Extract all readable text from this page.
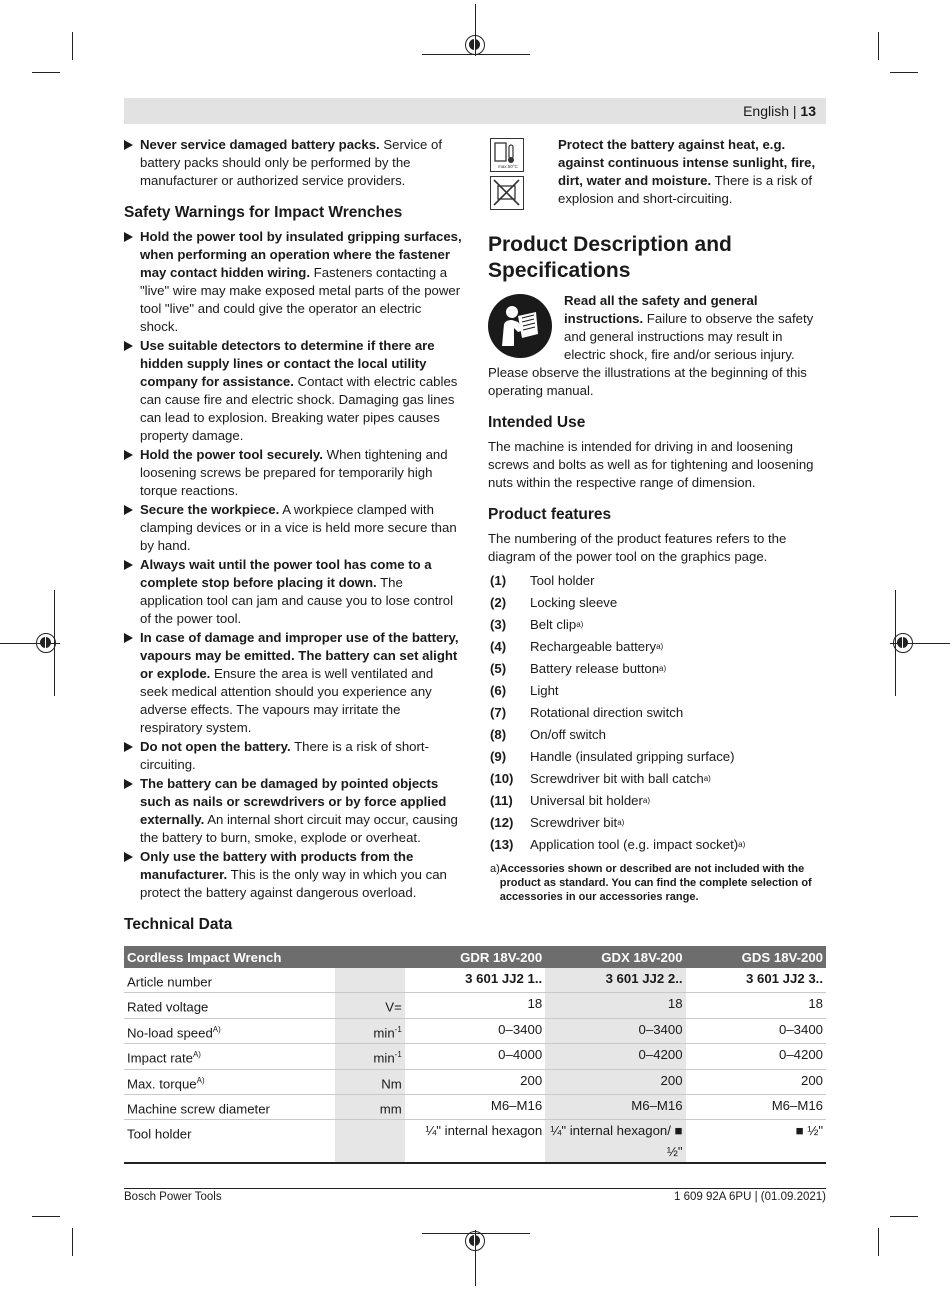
English | 13
Never service damaged battery packs. Service of battery packs should only be performed by the manufacturer or authorized service providers.
Safety Warnings for Impact Wrenches
Hold the power tool by insulated gripping surfaces, when performing an operation where the fastener may contact hidden wiring. Fasteners contacting a "live" wire may make exposed metal parts of the power tool "live" and could give the operator an electric shock.
Use suitable detectors to determine if there are hidden supply lines or contact the local utility company for assistance. Contact with electric cables can cause fire and electric shock. Damaging gas lines can lead to explosion. Breaking water pipes causes property damage.
Hold the power tool securely. When tightening and loosening screws be prepared for temporarily high torque reactions.
Secure the workpiece. A workpiece clamped with clamping devices or in a vice is held more secure than by hand.
Always wait until the power tool has come to a complete stop before placing it down. The application tool can jam and cause you to lose control of the power tool.
In case of damage and improper use of the battery, vapours may be emitted. The battery can set alight or explode. Ensure the area is well ventilated and seek medical attention should you experience any adverse effects. The vapours may irritate the respiratory system.
Do not open the battery. There is a risk of short-circuiting.
The battery can be damaged by pointed objects such as nails or screwdrivers or by force applied externally. An internal short circuit may occur, causing the battery to burn, smoke, explode or overheat.
Only use the battery with products from the manufacturer. This is the only way in which you can protect the battery against dangerous overload.
max.50°C
Protect the battery against heat, e.g. against continuous intense sunlight, fire, dirt, water and moisture. There is a risk of explosion and short-circuiting.
Product Description and Specifications
Read all the safety and general instructions. Failure to observe the safety and general instructions may result in electric shock, fire and/or serious injury.
Please observe the illustrations at the beginning of this operating manual.
Intended Use
The machine is intended for driving in and loosening screws and bolts as well as for tightening and loosening nuts within the respective range of dimension.
Product features
The numbering of the product features refers to the diagram of the power tool on the graphics page.
(1)	Tool holder
(2)	Locking sleeve
(3)	Belt clip a)
(4)	Rechargeable battery a)
(5)	Battery release button a)
(6)	Light
(7)	Rotational direction switch
(8)	On/off switch
(9)	Handle (insulated gripping surface)
(10)	Screwdriver bit with ball catch a)
(11)	Universal bit holder a)
(12)	Screwdriver bit a)
(13)	Application tool (e.g. impact socket) a)
a) Accessories shown or described are not included with the product as standard. You can find the complete selection of accessories in our accessories range.
Technical Data
Cordless Impact Wrench		GDR 18V-200	GDX 18V-200	GDS 18V-200
Article number		3 601 JJ2 1..	3 601 JJ2 2..	3 601 JJ2 3..
Rated voltage	V=	18	18	18
No-load speed$^{A)}$	$\min^{-1}$	0–3400	0–3400	0–3400
Impact rate$^{A)}$	$\min^{-1}$	0–4000	0–4200	0–4200
Max. torque$^{A)}$	Nm	200	200	200
Machine screw diameter	mm	M6–M16	M6–M16	M6–M16
Tool holder		¼" internal hexagon	¼" internal hexagon/ ■ ½"	■ ½"
Bosch Power Tools	1 609 92A 6PU | (01.09.2021)
